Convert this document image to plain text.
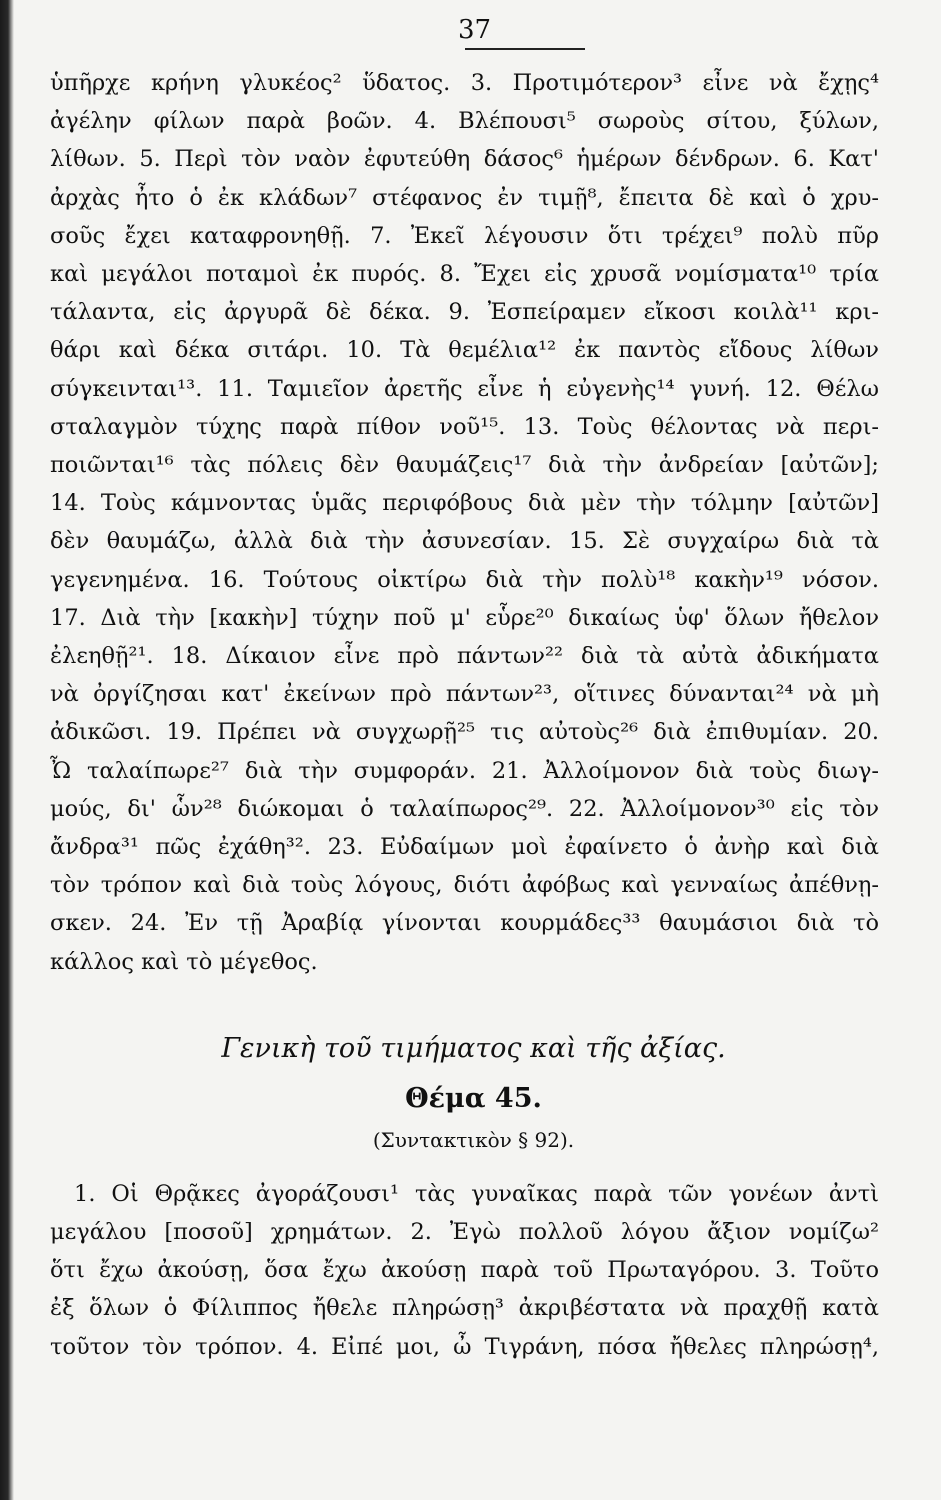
37
ὑπῆρχε κρήνη γλυκέος² ὕδατος. 3. Προτιμότερον³ εἶνε νὰ ἔχῃς⁴
ἀγέλην φίλων παρὰ βοῶν. 4. Βλέπουσι⁵ σωροὺς σίτου, ξύλων,
λίθων. 5. Περὶ τὸν ναὸν ἐφυτεύθη δάσος⁶ ἡμέρων δένδρων. 6. Κατ'
ἀρχὰς ἦτο ὁ ἐκ κλάδων⁷ στέφανος ἐν τιμῇ⁸, ἔπειτα δὲ καὶ ὁ χρυ-
σοῦς ἔχει καταφρονηθῇ. 7. Ἐκεῖ λέγουσιν ὅτι τρέχει⁹ πολὺ πῦρ
καὶ μεγάλοι ποταμοὶ ἐκ πυρός. 8. Ἔχει εἰς χρυσᾶ νομίσματα¹⁰ τρία
τάλαντα, εἰς ἀργυρᾶ δὲ δέκα. 9. Ἐσπείραμεν εἴκοσι κοιλὰ¹¹ κρι-
θάρι καὶ δέκα σιτάρι. 10. Τὰ θεμέλια¹² ἐκ παντὸς εἴδους λίθων
σύγκεινται¹³. 11. Ταμιεῖον ἀρετῆς εἶνε ἡ εὐγενὴς¹⁴ γυνή. 12. Θέλω
σταλαγμὸν τύχης παρὰ πίθον νοῦ¹⁵. 13. Τοὺς θέλοντας νὰ περι-
ποιῶνται¹⁶ τὰς πόλεις δὲν θαυμάζεις¹⁷ διὰ τὴν ἀνδρείαν [αὐτῶν];
14. Τοὺς κάμνοντας ὑμᾶς περιφόβους διὰ μὲν τὴν τόλμην [αὐτῶν]
δὲν θαυμάζω, ἀλλὰ διὰ τὴν ἀσυνεσίαν. 15. Σὲ συγχαίρω διὰ τὰ
γεγενημένα. 16. Τούτους οἰκτίρω διὰ τὴν πολὺ¹⁸ κακὴν¹⁹ νόσον.
17. Διὰ τὴν [κακὴν] τύχην ποῦ μ' εὗρε²⁰ δικαίως ὑφ' ὅλων ἤθελον
ἐλεηθῇ²¹. 18. Δίκαιον εἶνε πρὸ πάντων²² διὰ τὰ αὐτὰ ἀδικήματα
νὰ ὀργίζησαι κατ' ἐκείνων πρὸ πάντων²³, οἵτινες δύνανται²⁴ νὰ μὴ
ἀδικῶσι. 19. Πρέπει νὰ συγχωρῇ²⁵ τις αὐτοὺς²⁶ διὰ ἐπιθυμίαν. 20.
Ὦ ταλαίπωρε²⁷ διὰ τὴν συμφοράν. 21. Ἀλλοίμονον διὰ τοὺς διωγ-
μούς, δι' ὧν²⁸ διώκομαι ὁ ταλαίπωρος²⁹. 22. Ἀλλοίμονον³⁰ εἰς τὸν
ἄνδρα³¹ πῶς ἐχάθη³². 23. Εὐδαίμων μοὶ ἐφαίνετο ὁ ἀνὴρ καὶ διὰ
τὸν τρόπον καὶ διὰ τοὺς λόγους, διότι ἀφόβως καὶ γενναίως ἀπέθνῃ-
σκεν. 24. Ἐν τῇ Ἀραβίᾳ γίνονται κουρμάδες³³ θαυμάσιοι διὰ τὸ
κάλλος καὶ τὸ μέγεθος.
Γενικὴ τοῦ τιμήματος καὶ τῆς ἀξίας.
Θέμα 45.
(Συντακτικὸν § 92).
1. Οἱ Θρᾷκες ἀγοράζουσι¹ τὰς γυναῖκας παρὰ τῶν γονέων ἀντὶ
μεγάλου [ποσοῦ] χρημάτων. 2. Ἐγὼ πολλοῦ λόγου ἄξιον νομίζω²
ὅτι ἔχω ἀκούσῃ, ὅσα ἔχω ἀκούσῃ παρὰ τοῦ Πρωταγόρου. 3. Τοῦτο
ἐξ ὅλων ὁ Φίλιππος ἤθελε πληρώσῃ³ ἀκριβέστατα νὰ πραχθῇ κατὰ
τοῦτον τὸν τρόπον. 4. Εἰπέ μοι, ὦ Τιγράνη, πόσα ἤθελες πληρώσῃ⁴,
